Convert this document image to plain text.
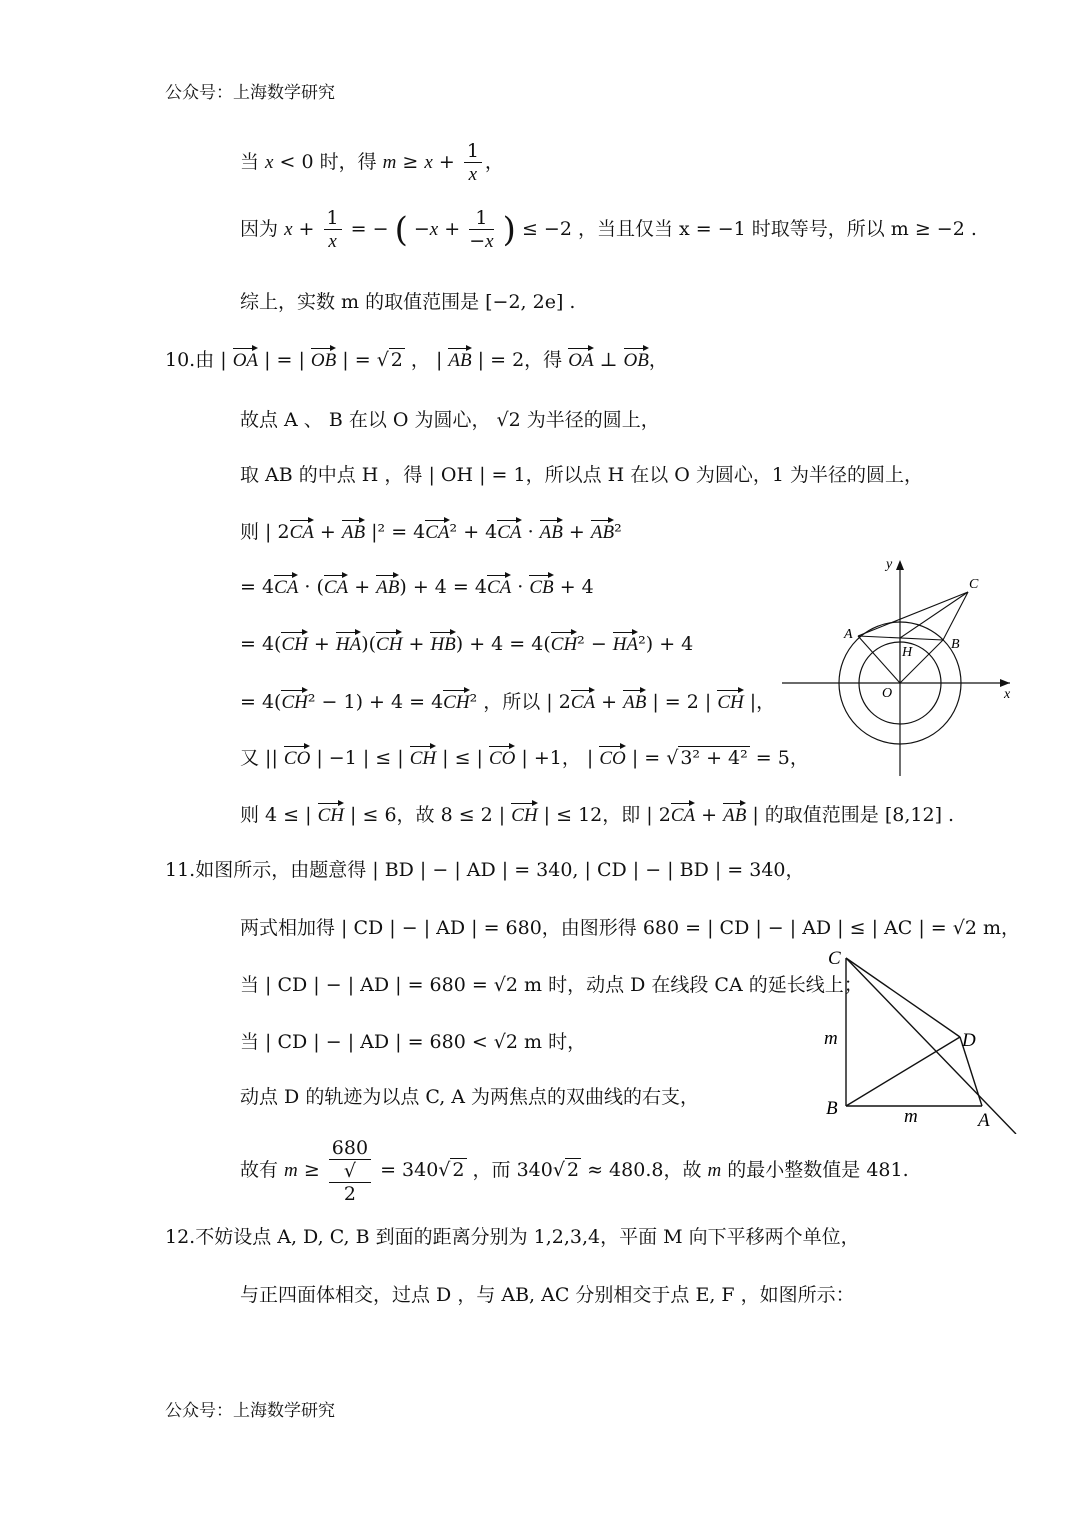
公众号：上海数学研究
当 x < 0 时，得 $m \ge x + \frac{1}{x}$ ，
因为 $x + \frac{1}{x}$ = − ( $-x + \frac{1}{-x}$ ) ≤ −2 ，当且仅当 x = −1 时取等号，所以 m ≥ −2 .
综上，实数 m 的取值范围是 [−2, 2e] .
10.由 | OA | = | OB | = √ 2 ， | AB | = 2，得 OA ⊥ OB，
故点 A 、 B 在以 O 为圆心， √2 为半径的圆上，
取 AB 的中点 H ，得 | OH | = 1，所以点 H 在以 O 为圆心，1 为半径的圆上，
则 | 2CA + AB |² = 4CA² + 4CA · AB + AB²
= 4CA · (CA + AB) + 4 = 4CA · CB + 4
= 4(CH + HA)(CH + HB) + 4 = 4(CH² − HA²) + 4
= 4(CH² − 1) + 4 = 4CH² ，所以 | 2CA + AB | = 2 | CH |，
又 || CO | −1 | ≤ | CH | ≤ | CO | +1， | CO | = √ 3² + 4² = 5，
则 4 ≤ | CH | ≤ 6，故 8 ≤ 2 | CH | ≤ 12，即 | 2CA + AB | 的取值范围是 [8,12] .
y
x
O
A
B
C
H
11.如图所示，由题意得 | BD | − | AD | = 340, | CD | − | BD | = 340，
两式相加得 | CD | − | AD | = 680，由图形得 680 = | CD | − | AD | ≤ | AC | = √2 m，
当 | CD | − | AD | = 680 = √2 m 时，动点 D 在线段 CA 的延长线上；
当 | CD | − | AD | = 680 < √2 m 时，
动点 D 的轨迹为以点 C, A 为两焦点的双曲线的右支，
故有 m ≥ 680
√
2 = 340√ 2 ，而 340√ 2 ≈ 480.8，故 m 的最小整数值是 481.
C
D
B
A
m
m
12.不妨设点 A, D, C, B 到面的距离分别为 1,2,3,4，平面 M 向下平移两个单位，
与正四面体相交，过点 D ，与 AB, AC 分别相交于点 E, F ，如图所示：
公众号：上海数学研究
